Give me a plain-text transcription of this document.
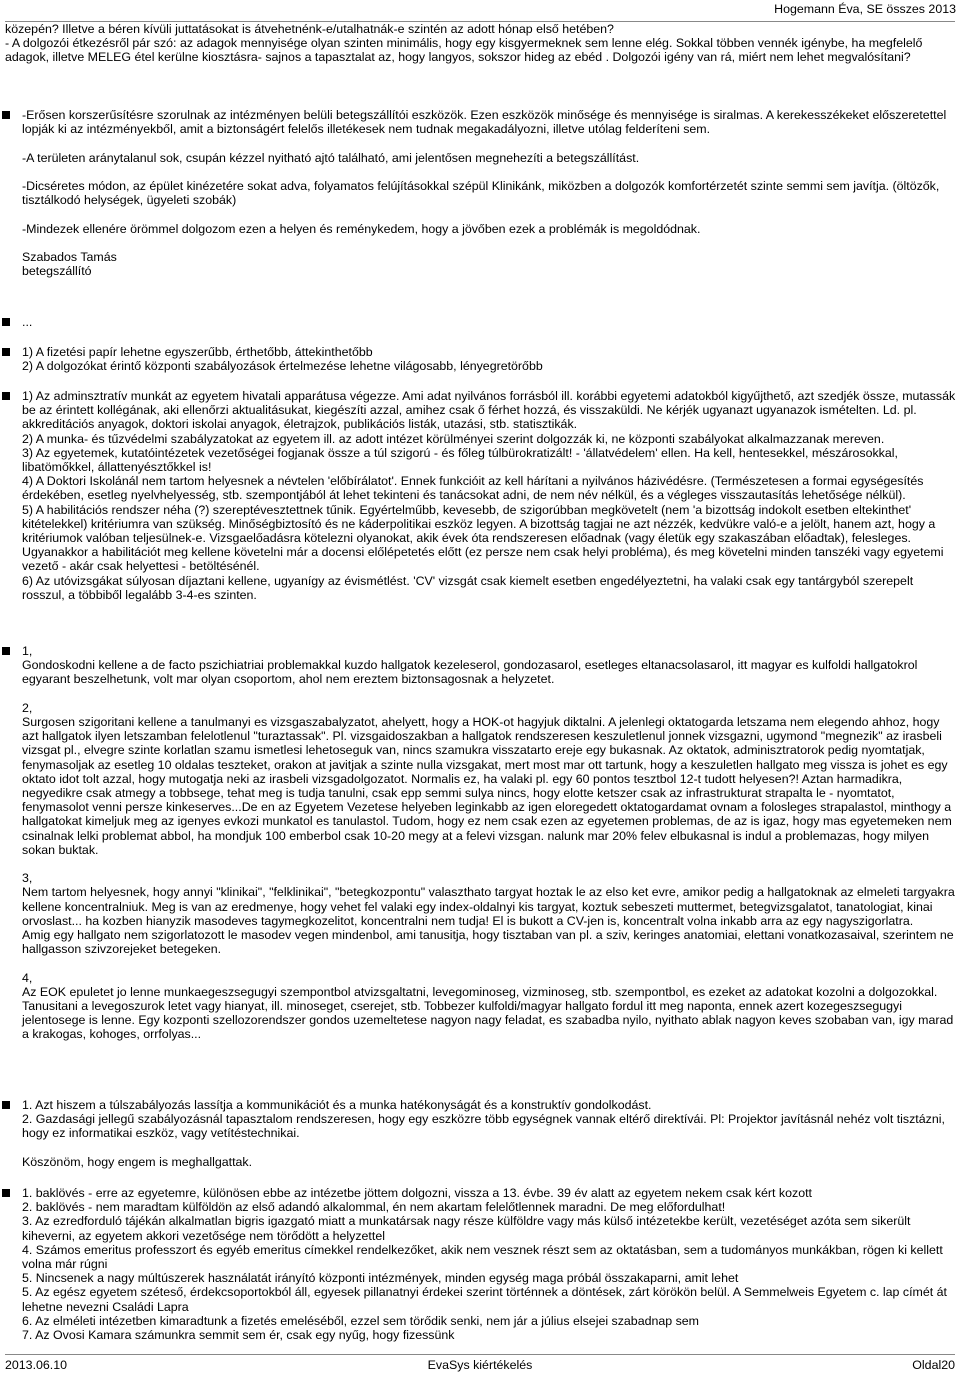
Hogemann Éva, SE összes 2013
közepén? Illetve a béren kívüli juttatásokat is átvehetnénk-e/utalhatnák-e szintén az adott hónap első hetében?
- A dolgozói étkezésről pár szó: az adagok mennyisége olyan szinten minimális, hogy egy kisgyermeknek sem lenne elég. Sokkal többen vennék igénybe, ha megfelelő adagok, illetve MELEG étel kerülne kiosztásra- sajnos a tapasztalat az, hogy langyos, sokszor hideg az ebéd . Dolgozói igény van rá, miért nem lehet megvalósítani?
-Erősen korszerűsítésre szorulnak az intézményen belüli betegszállítói eszközök. Ezen eszközök minősége és mennyisége is siralmas. A kerekesszékeket előszeretettel lopják ki az intézményekből, amit a biztonságért felelős illetékesek nem tudnak megakadályozni, illetve utólag felderíteni sem.

-A területen aránytalanul sok, csupán kézzel nyitható ajtó található, ami jelentősen megnehezíti a betegszállítást.

-Dicséretes módon, az épület kinézetére sokat adva, folyamatos felújításokkal szépül Klinikánk, miközben a dolgozók komfortérzetét szinte semmi sem javítja. (öltözők, tisztálkodó helységek, ügyeleti szobák)

-Mindezek ellenére örömmel dolgozom ezen a helyen és reménykedem, hogy a jövőben ezek a problémák is megoldódnak.

Szabados Tamás
betegszállító
...
1) A fizetési papír lehetne egyszerűbb, érthetőbb, áttekinthetőbb
2) A dolgozókat érintő központi szabályozások értelmezése lehetne világosabb, lényegretörőbb
1) Az adminsztratív munkát az egyetem hivatali apparátusa végezze. Ami adat nyilvános forrásból ill. korábbi egyetemi adatokból kigyűjthető, azt szedjék össze, mutassák be az érintett kollégának, aki ellenőrzi aktualitásukat, kiegészíti azzal, amihez csak ő férhet hozzá, és visszaküldi. Ne kérjék ugyanazt ugyanazok ismételten. Ld. pl. akkreditációs anyagok, doktori iskolai anyagok, életrajzok, publikációs listák, utazási, stb. statisztikák.
2) A munka- és tűzvédelmi szabályzatokat az egyetem ill. az adott intézet körülményei szerint dolgozzák ki, ne központi szabályokat alkalmazzanak mereven.
3) Az egyetemek, kutatóintézetek vezetőségei fogjanak össze a túl szigorú - és főleg túlbürokratizált! - 'állatvédelem' ellen. Ha kell, hentesekkel, mészárosokkal, libatömőkkel, állattenyésztőkkel is!
4) A Doktori Iskolánál nem tartom helyesnek a névtelen 'előbírálatot'. Ennek funkcióit az kell hárítani a nyilvános házivédésre. (Természetesen a formai egységesítés érdekében, esetleg nyelvhelyesség, stb. szempontjából át lehet tekinteni és tanácsokat adni, de nem név nélkül, és a végleges visszautasítás lehetősége nélkül).
5) A habilitációs rendszer néha (?) szereptévesztettnek tűnik. Egyértelműbb, kevesebb, de szigorúbban megkövetelt (nem 'a bizottság indokolt esetben eltekinthet' kitételekkel) kritériumra van szükség. Minőségbiztosító és ne káderpolitikai eszköz legyen. A bizottság tagjai ne azt nézzék, kedvükre való-e a jelölt, hanem azt, hogy a kritériumok valóban teljesülnek-e. Vizsgaelőadásra kötelezni olyanokat, akik évek óta rendszeresen előadnak (vagy életük egy szakaszában előadtak), felesleges. Ugyanakkor a habilitációt meg kellene követelni már a docensi előlépetetés előtt (ez persze nem csak helyi probléma), és meg követelni minden tanszéki vagy egyetemi vezető - akár csak helyettesi - betöltésénél.
6) Az utóvizsgákat súlyosan díjaztani kellene, ugyanígy az évismétlést. 'CV' vizsgát csak kiemelt esetben engedélyeztetni, ha valaki csak egy tantárgyból szerepelt rosszul, a többiből legalább 3-4-es szinten.
1,
Gondoskodni kellene a de facto pszichiatriai problemakkal kuzdo hallgatok kezeleserol, gondozasarol, esetleges eltanacsolasarol, itt magyar es kulfoldi hallgatokrol egyarant beszelhetunk, volt mar olyan csoportom, ahol nem ereztem biztonsagosnak a helyzetet.

2,
Surgosen szigoritani kellene a tanulmanyi es vizsgaszabalyzatot, ahelyett, hogy a HOK-ot hagyjuk diktalni. A jelenlegi oktatogarda letszama nem elegendo ahhoz, hogy azt hallgatok ilyen letszamban felelotlenul "turaztassak". Pl. vizsgaidoszakban a hallgatok rendszeresen keszuletlenul jonnek vizsgazni, ugymond "megnezik" az irasbeli vizsgat pl., elvegre szinte korlatlan szamu ismetlesi lehetoseguk van, nincs szamukra visszatarto ereje egy bukasnak. Az oktatok, adminisztratorok pedig nyomtatjak, fenymasoljak az esetleg 10 oldalas teszteket, orakon at javitjak a szinte nulla vizsgakat, mert most mar ott tartunk, hogy a keszuletlen hallgato meg vissza is johet es egy oktato idot tolt azzal, hogy mutogatja neki az irasbeli vizsgadolgozatot. Normalis ez, ha valaki pl. egy 60 pontos tesztbol 12-t tudott helyesen?! Aztan harmadikra, negyedikre csak atmegy a tobbsege, tehat meg is tudja tanulni, csak epp semmi sulya nincs, hogy elotte ketszer csak az infrastrukturat strapalta le - nyomtatot, fenymasolot venni persze kinkeserves...De en az Egyetem Vezetese helyeben leginkabb az igen eloregedett oktatogardamat ovnam a folosleges strapalastol, minthogy a hallgatokat kimeljuk meg az igenyes evkozi munkatol es tanulastol. Tudom, hogy ez nem csak ezen az egyetemen problemas, de az is igaz, hogy mas egyetemeken nem csinalnak lelki problemat abbol, ha mondjuk 100 emberbol csak 10-20 megy at a felevi vizsgan. nalunk mar 20% felev elbukasnal is indul a problemazas, hogy milyen sokan buktak.

3,
Nem tartom helyesnek, hogy annyi "klinikai", "felklinikai", "betegkozpontu" valaszthato targyat hoztak le az elso ket evre, amikor pedig a hallgatoknak az elmeleti targyakra kellene koncentralniuk. Meg is van az eredmenye, hogy vehet fel valaki egy index-oldalnyi kis targyat, koztuk sebeszeti muttermet, betegvizsgalatot, tanatologiat, kinai orvoslast... ha kozben hianyzik masodeves tagymegkozelitot, koncentralni nem tudja! El is bukott a CV-jen is, koncentralt volna inkabb arra az egy nagyszigorlatra.
Amig egy hallgato nem szigorlatozott le masodev vegen mindenbol, ami tanusitja, hogy tisztaban van pl. a sziv, keringes anatomiai, elettani vonatkozasaival, szerintem ne hallgasson szivzorejeket betegeken.

4,
Az EOK epuletet jo lenne munkaegeszsegugyi szempontbol atvizsgaltatni, levegominoseg, vizminoseg, stb. szempontbol, es ezeket az adatokat kozolni a dolgozokkal. Tanusitani a levegoszurok letet vagy hianyat, ill. minoseget, cserejet, stb. Tobbezer kulfoldi/magyar hallgato fordul itt meg naponta, ennek azert kozegeszsegugyi jelentosege is lenne. Egy kozponti szellozorendszer gondos uzemeltetese nagyon nagy feladat, es szabadba nyilo, nyithato ablak nagyon keves szobaban van, igy marad a krakogas, kohoges, orrfolyas...
1. Azt hiszem a túlszabályozás lassítja a kommunikációt és a munka hatékonyságát és a konstruktív gondolkodást.
2. Gazdasági jellegű szabályozásnál tapasztalom rendszeresen, hogy egy eszközre több egységnek vannak eltérő direktívái. Pl: Projektor javításnál nehéz volt tisztázni, hogy ez informatikai eszköz, vagy vetítéstechnikai.

Köszönöm, hogy engem is meghallgattak.
1. baklövés - erre az egyetemre, különösen ebbe az intézetbe jöttem dolgozni, vissza a 13. évbe. 39 év alatt az egyetem nekem csak kért kozott
2. baklövés - nem maradtam külföldön az első adandó alkalommal, én nem akartam felelőtlennek maradni. De meg előfordulhat!
3. Az ezredforduló tájékán alkalmatlan bigris igazgató miatt a munkatársak nagy része külföldre vagy más külső intézetekbe került, vezetéséget azóta sem sikerült kiheverni, az egyetem akkori vezetősége nem törődött a helyzettel
4. Számos emeritus professzort és egyéb emeritus címekkel rendelkezőket, akik nem vesznek részt sem az oktatásban, sem a tudományos munkákban, rögen ki kellett volna már rúgni
5. Nincsenek a nagy múltúszerek használatát irányító központi intézmények, minden egység maga próbál összakaparni, amit lehet
5. Az egész egyetem széteső, érdekcsoportokból áll, egyesek pillanatnyi érdekei szerint történnek a döntések, zárt körökön belül. A Semmelweis Egyetem c. lap címét át lehetne nevezni Családi Lapra
6. Az elméleti intézetben kimaradtunk a fizetés emeléséből, ezzel sem törődik senki, nem jár a július elsejei szabadnap sem
7. Az Ovosi Kamara számunkra semmit sem ér, csak egy nyűg, hogy fizessünk
2013.06.10	EvaSys kiértékelés	Oldal20
